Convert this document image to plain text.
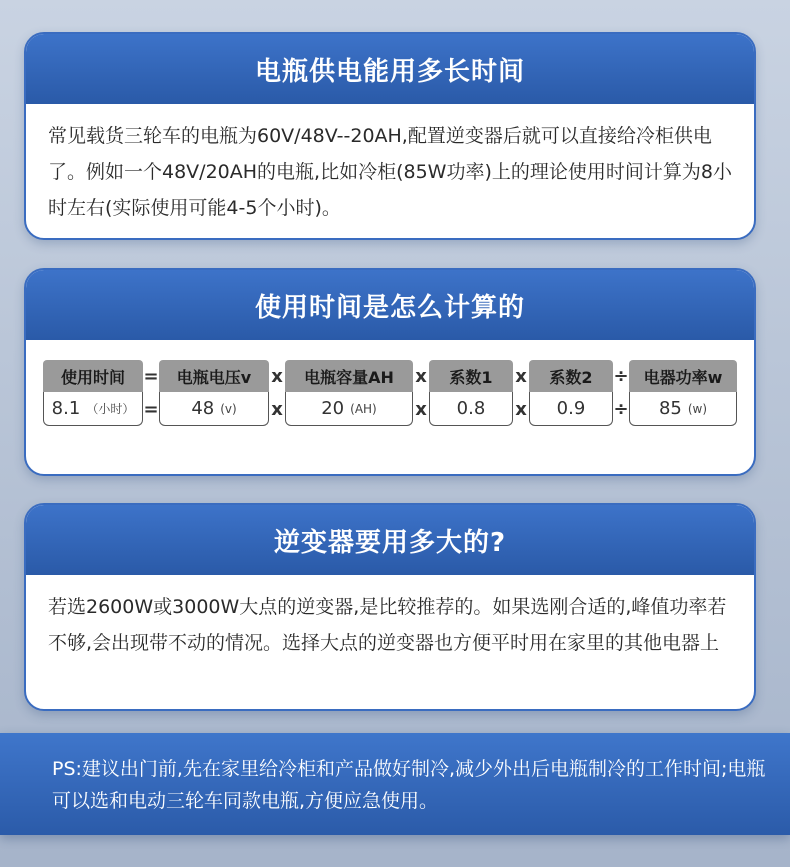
电瓶供电能用多长时间
常见载货三轮车的电瓶为60V/48V--20AH,配置逆变器后就可以直接给冷柜供电了。例如一个48V/20AH的电瓶,比如冷柜(85W功率)上的理论使用时间计算为8小时左右(实际使用可能4-5个小时)。
使用时间是怎么计算的
使用时间
8.1 （小时）
=
=
电瓶电压v
48 (v)
x
x
电瓶容量AH
20 (AH)
x
x
系数1
0.8
x
x
系数2
0.9
÷
÷
电器功率w
85 (w)
逆变器要用多大的?
若选2600W或3000W大点的逆变器,是比较推荐的。如果选刚合适的,峰值功率若不够,会出现带不动的情况。选择大点的逆变器也方便平时用在家里的其他电器上
PS:建议出门前,先在家里给冷柜和产品做好制冷,减少外出后电瓶制冷的工作时间;电瓶可以选和电动三轮车同款电瓶,方便应急使用。
